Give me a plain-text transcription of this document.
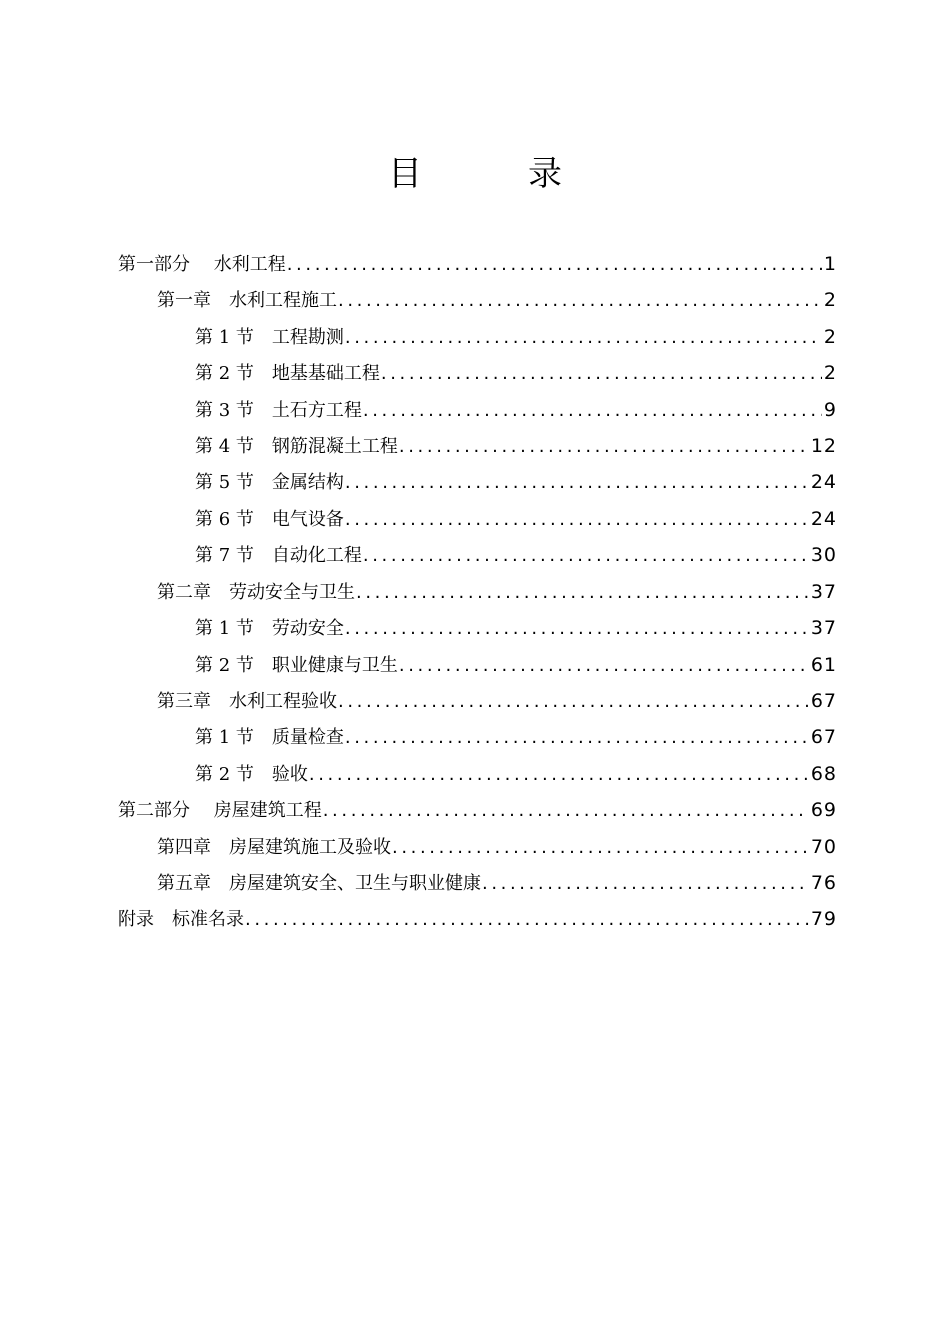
目　录
第一部分　 水利工程 .....	1
第一章　水利工程施工 .....	2
第 1 节　工程勘测 .....	2
第 2 节　地基基础工程 .....	2
第 3 节　土石方工程 .....	9
第 4 节　钢筋混凝土工程 .....	12
第 5 节　金属结构 .....	24
第 6 节　电气设备 .....	24
第 7 节　自动化工程 .....	30
第二章　劳动安全与卫生 .....	37
第 1 节　劳动安全 .....	37
第 2 节　职业健康与卫生 .....	61
第三章　水利工程验收 .....	67
第 1 节　质量检查 .....	67
第 2 节　验收 .....	68
第二部分　 房屋建筑工程 .....	69
第四章　房屋建筑施工及验收 .....	70
第五章　房屋建筑安全、卫生与职业健康 .....	76
附录　标准名录 .....	79
